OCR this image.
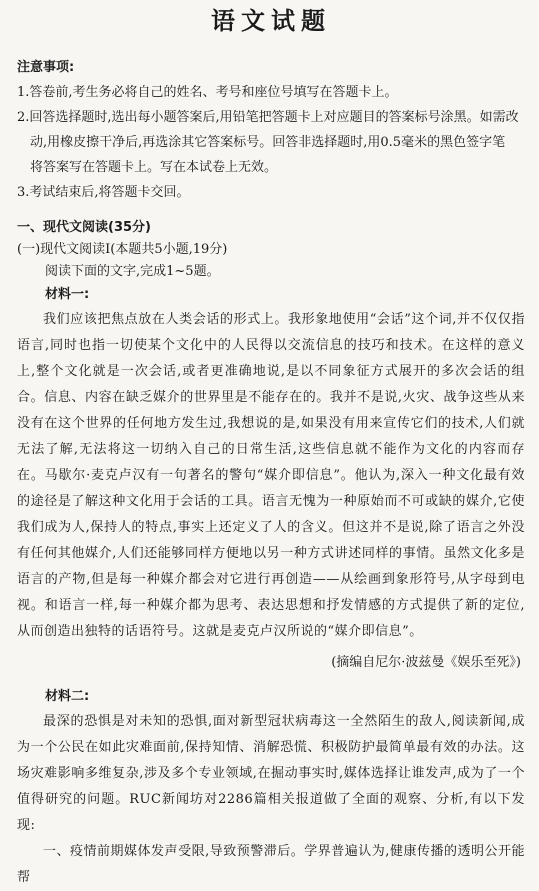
语文试题
注意事项:
1.答卷前,考生务必将自己的姓名、考号和座位号填写在答题卡上。
2.回答选择题时,选出每小题答案后,用铅笔把答题卡上对应题目的答案标号涂黑。如需改
动,用橡皮擦干净后,再选涂其它答案标号。回答非选择题时,用0.5毫米的黑色签字笔
将答案写在答题卡上。写在本试卷上无效。
3.考试结束后,将答题卡交回。
一、现代文阅读(35分)
(一)现代文阅读Ⅰ(本题共5小题,19分)
阅读下面的文字,完成1~5题。
材料一:
我们应该把焦点放在人类会话的形式上。我形象地使用“会话”这个词,并不仅仅指语言,同时也指一切使某个文化中的人民得以交流信息的技巧和技术。在这样的意义上,整个文化就是一次会话,或者更准确地说,是以不同象征方式展开的多次会话的组合。信息、内容在缺乏媒介的世界里是不能存在的。我并不是说,火灾、战争这些从来没有在这个世界的任何地方发生过,我想说的是,如果没有用来宣传它们的技术,人们就无法了解,无法将这一切纳入自己的日常生活,这些信息就不能作为文化的内容而存在。马歇尔·麦克卢汉有一句著名的警句“媒介即信息”。他认为,深入一种文化最有效的途径是了解这种文化用于会话的工具。语言无愧为一种原始而不可或缺的媒介,它使我们成为人,保持人的特点,事实上还定义了人的含义。但这并不是说,除了语言之外没有任何其他媒介,人们还能够同样方便地以另一种方式讲述同样的事情。虽然文化多是语言的产物,但是每一种媒介都会对它进行再创造——从绘画到象形符号,从字母到电视。和语言一样,每一种媒介都为思考、表达思想和抒发情感的方式提供了新的定位,从而创造出独特的话语符号。这就是麦克卢汉所说的“媒介即信息”。
(摘编自尼尔·波兹曼《娱乐至死》)
材料二:
最深的恐惧是对未知的恐惧,面对新型冠状病毒这一全然陌生的敌人,阅读新闻,成为一个公民在如此灾难面前,保持知情、消解恐慌、积极防护最简单最有效的办法。这场灾难影响多维复杂,涉及多个专业领域,在掘动事实时,媒体选择让谁发声,成为了一个值得研究的问题。RUC新闻坊对2286篇相关报道做了全面的观察、分析,有以下发现:
一、疫情前期媒体发声受限,导致预警滞后。学界普遍认为,健康传播的透明公开能帮
